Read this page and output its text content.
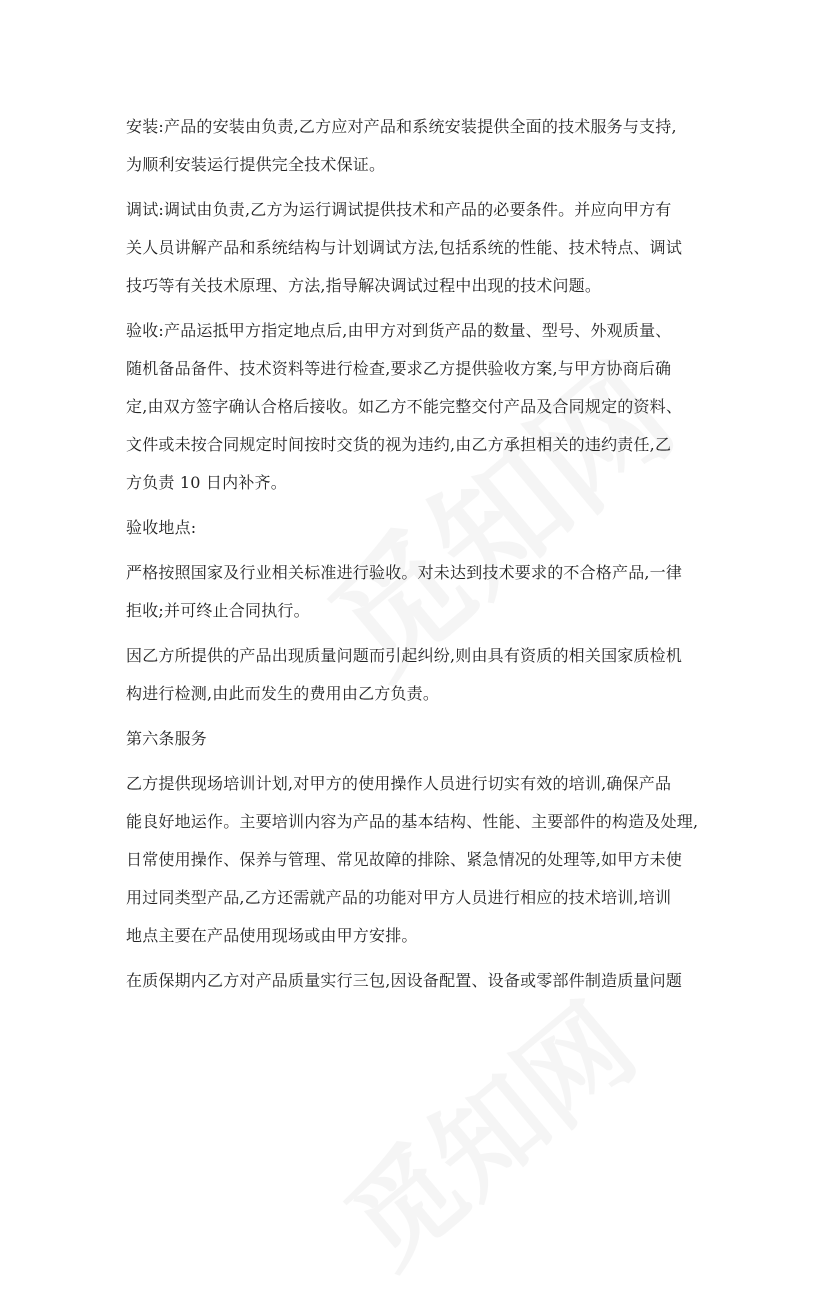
安装:产品的安装由负责,乙方应对产品和系统安装提供全面的技术服务与支持,
为顺利安装运行提供完全技术保证。
调试:调试由负责,乙方为运行调试提供技术和产品的必要条件。并应向甲方有
关人员讲解产品和系统结构与计划调试方法,包括系统的性能、技术特点、调试
技巧等有关技术原理、方法,指导解决调试过程中出现的技术问题。
验收:产品运抵甲方指定地点后,由甲方对到货产品的数量、型号、外观质量、
随机备品备件、技术资料等进行检查,要求乙方提供验收方案,与甲方协商后确
定,由双方签字确认合格后接收。如乙方不能完整交付产品及合同规定的资料、
文件或未按合同规定时间按时交货的视为违约,由乙方承担相关的违约责任,乙
方负责 10 日内补齐。
验收地点:
严格按照国家及行业相关标准进行验收。对未达到技术要求的不合格产品,一律
拒收;并可终止合同执行。
因乙方所提供的产品出现质量问题而引起纠纷,则由具有资质的相关国家质检机
构进行检测,由此而发生的费用由乙方负责。
第六条服务
乙方提供现场培训计划,对甲方的使用操作人员进行切实有效的培训,确保产品
能良好地运作。主要培训内容为产品的基本结构、性能、主要部件的构造及处理,
日常使用操作、保养与管理、常见故障的排除、紧急情况的处理等,如甲方未使
用过同类型产品,乙方还需就产品的功能对甲方人员进行相应的技术培训,培训
地点主要在产品使用现场或由甲方安排。
在质保期内乙方对产品质量实行三包,因设备配置、设备或零部件制造质量问题
